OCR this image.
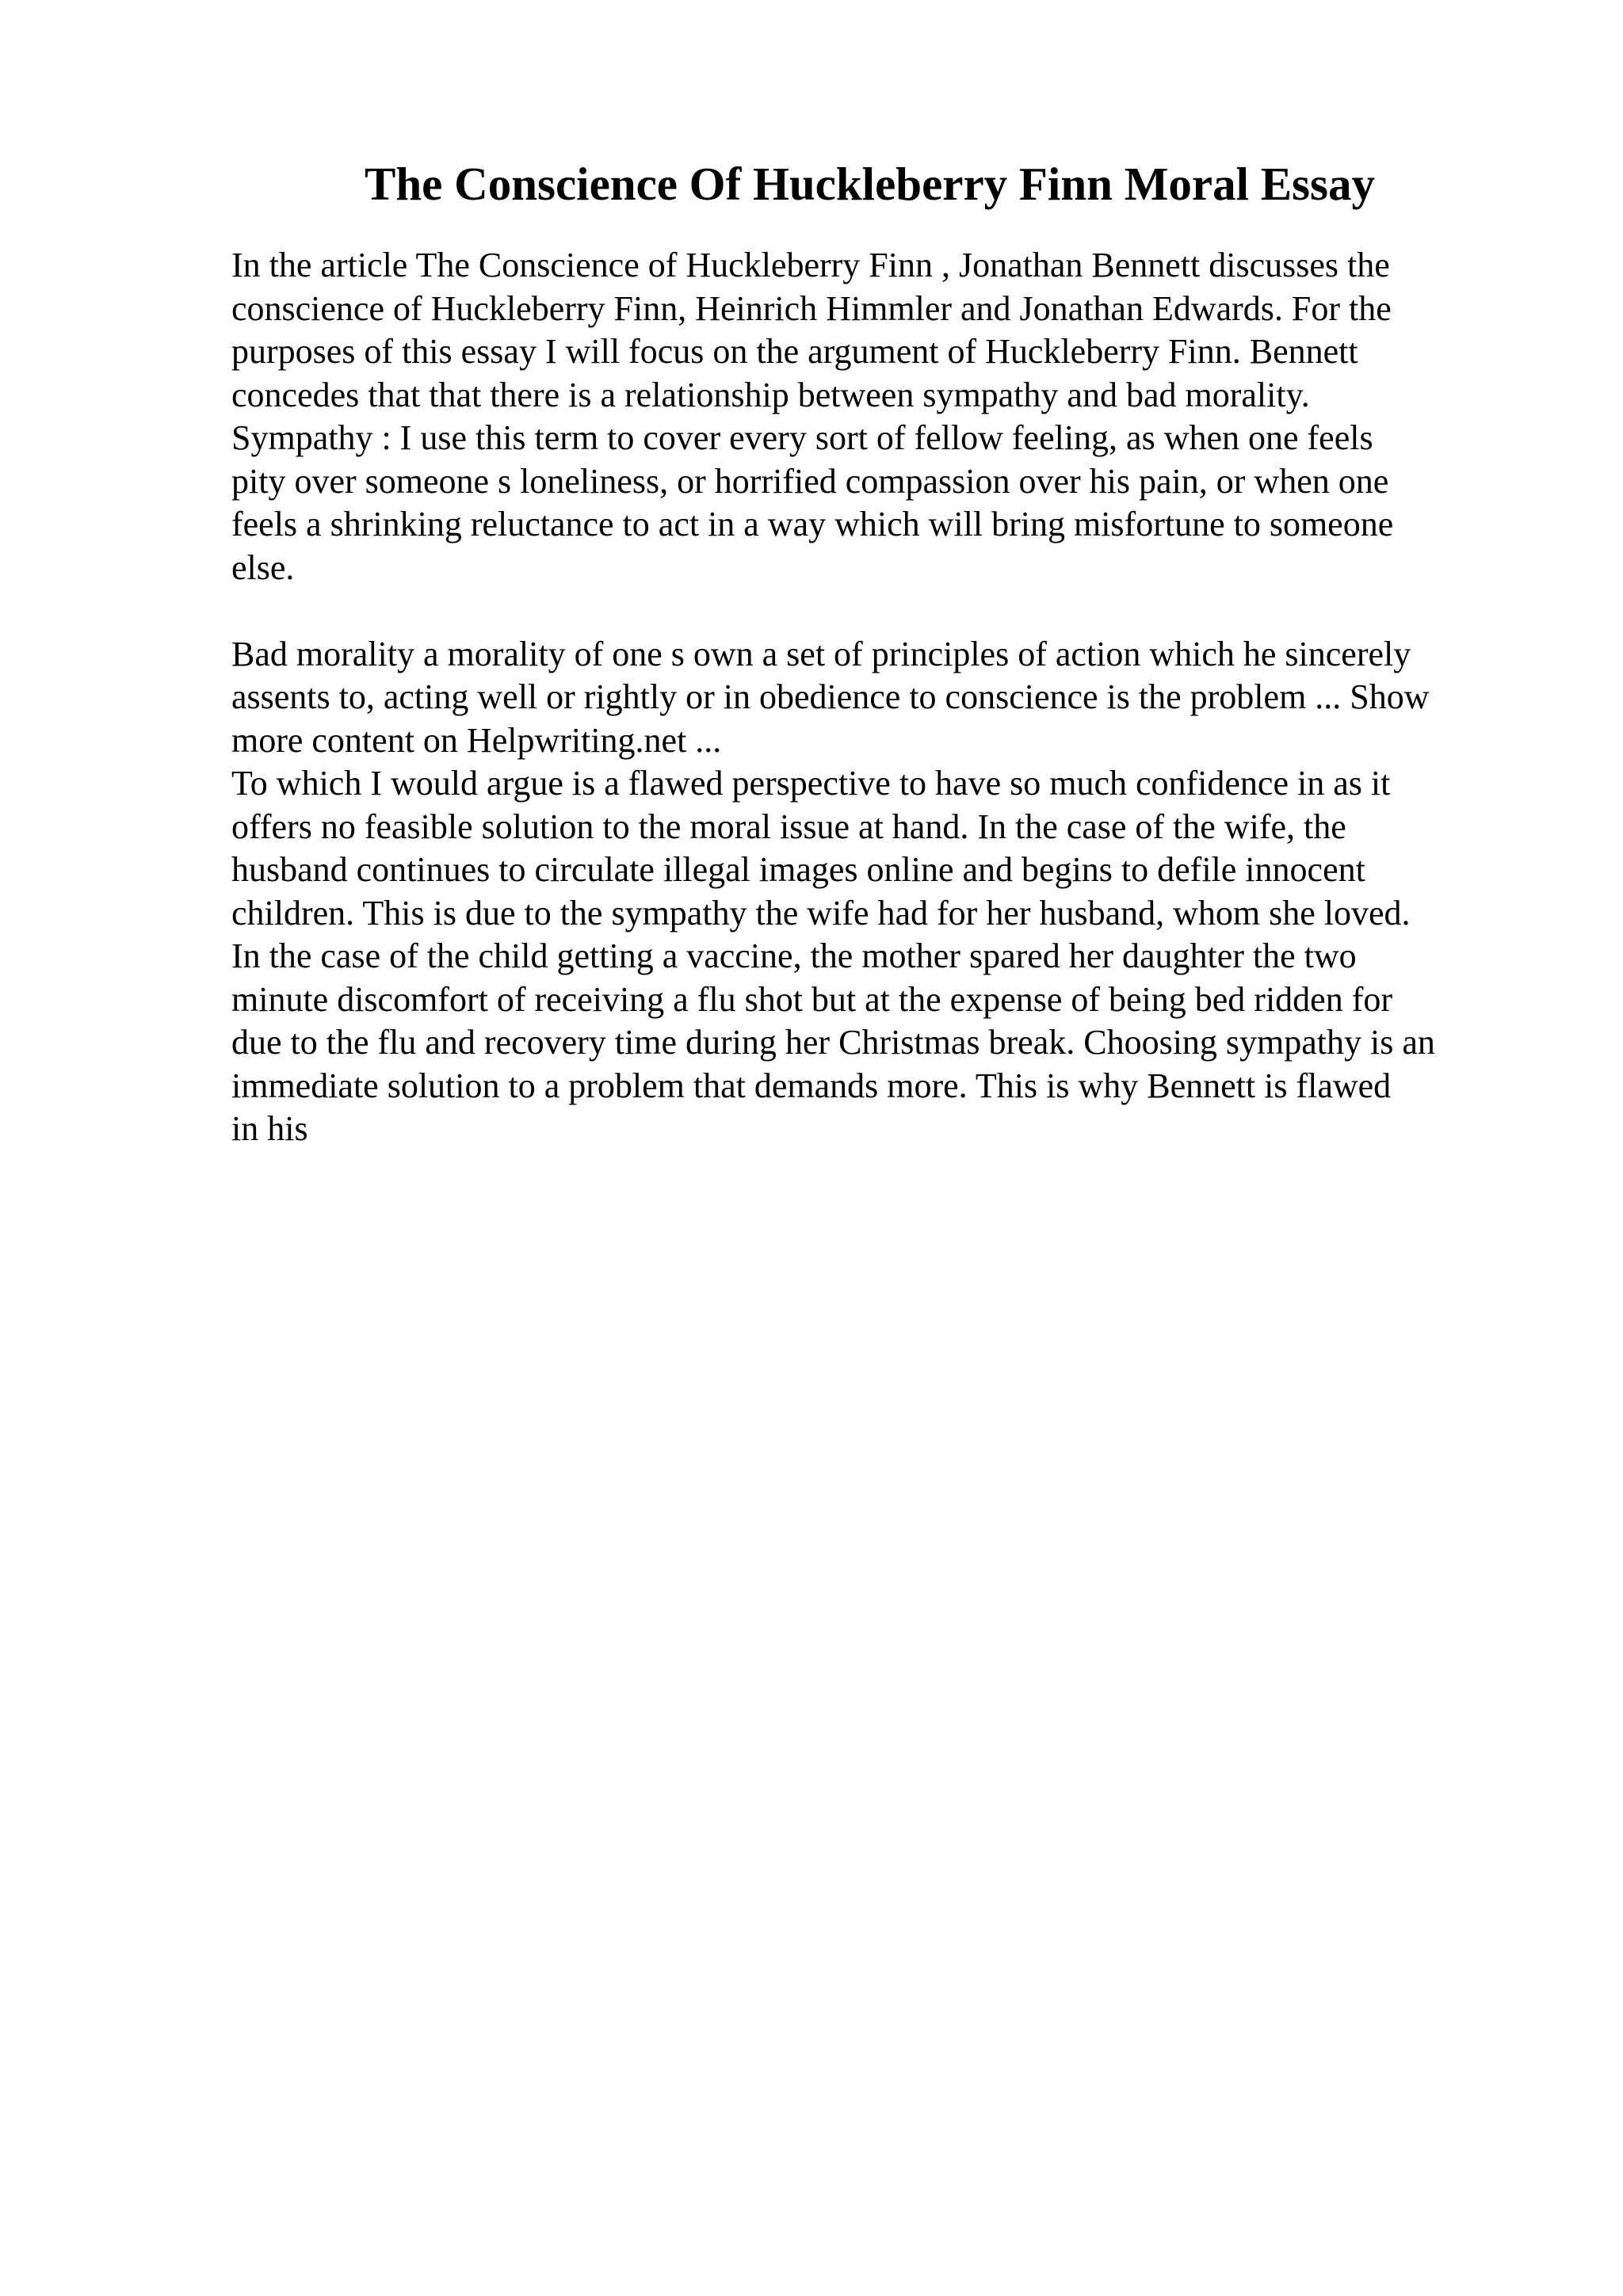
The Conscience Of Huckleberry Finn Moral Essay
In the article The Conscience of Huckleberry Finn , Jonathan Bennett discusses the
conscience of Huckleberry Finn, Heinrich Himmler and Jonathan Edwards. For the
purposes of this essay I will focus on the argument of Huckleberry Finn. Bennett
concedes that that there is a relationship between sympathy and bad morality.
Sympathy : I use this term to cover every sort of fellow feeling, as when one feels
pity over someone s loneliness, or horrified compassion over his pain, or when one
feels a shrinking reluctance to act in a way which will bring misfortune to someone
else.
Bad morality a morality of one s own a set of principles of action which he sincerely
assents to, acting well or rightly or in obedience to conscience is the problem ... Show
more content on Helpwriting.net ...
To which I would argue is a flawed perspective to have so much confidence in as it
offers no feasible solution to the moral issue at hand. In the case of the wife, the
husband continues to circulate illegal images online and begins to defile innocent
children. This is due to the sympathy the wife had for her husband, whom she loved.
In the case of the child getting a vaccine, the mother spared her daughter the two
minute discomfort of receiving a flu shot but at the expense of being bed ridden for
due to the flu and recovery time during her Christmas break. Choosing sympathy is an
immediate solution to a problem that demands more. This is why Bennett is flawed
in his
